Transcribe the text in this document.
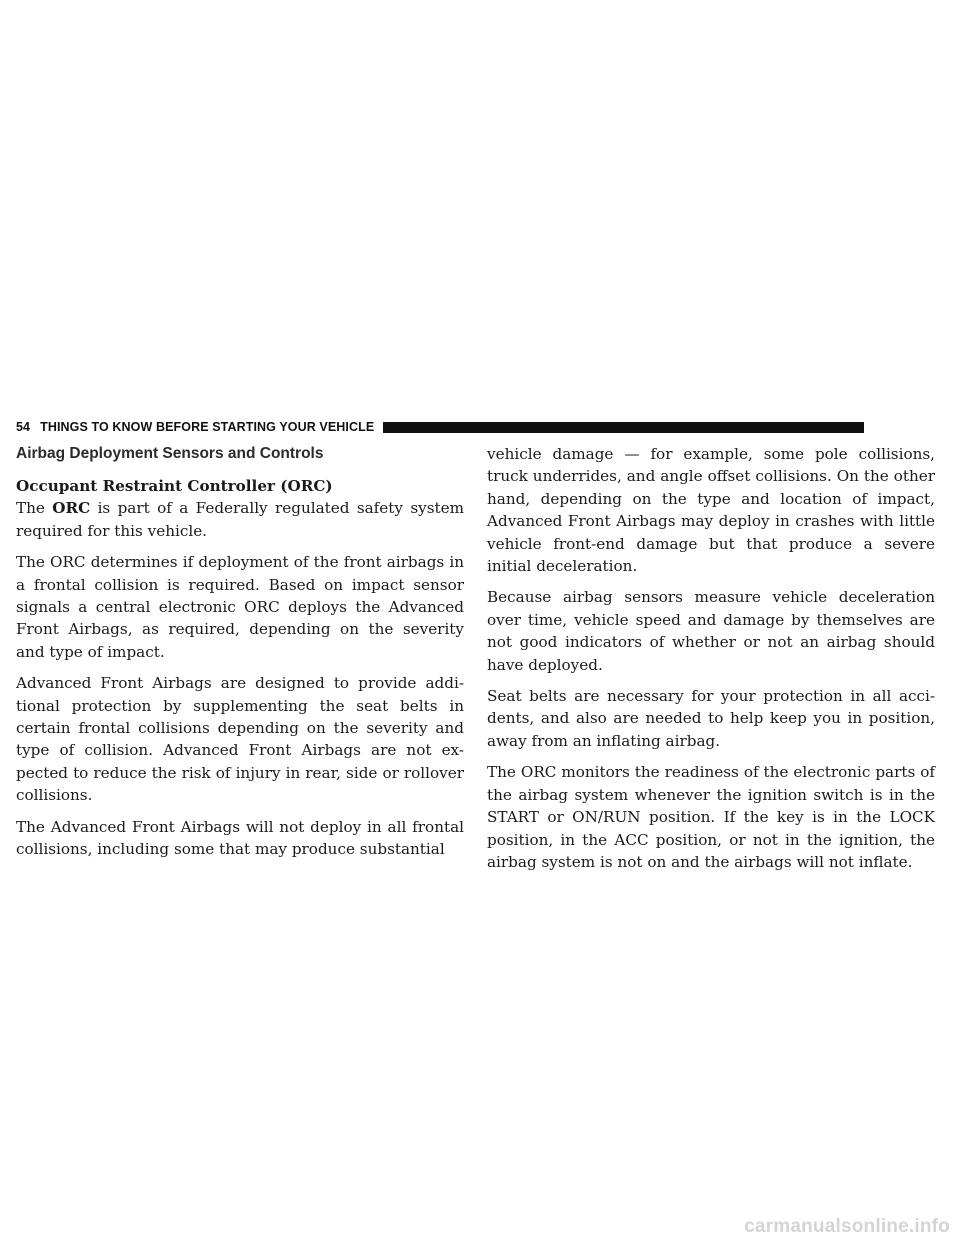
54 THINGS TO KNOW BEFORE STARTING YOUR VEHICLE
Airbag Deployment Sensors and Controls
Occupant Restraint Controller (ORC)

The ORC is part of a Federally regulated safety system required for this vehicle.

The ORC determines if deployment of the front airbags in a frontal collision is required. Based on impact sensor signals a central electronic ORC deploys the Advanced Front Airbags, as required, depending on the severity and type of impact.

Advanced Front Airbags are designed to provide addi-tional protection by supplementing the seat belts in certain frontal collisions depending on the severity and type of collision. Advanced Front Airbags are not ex-pected to reduce the risk of injury in rear, side or rollover collisions.

The Advanced Front Airbags will not deploy in all frontal collisions, including some that may produce substantial

vehicle damage — for example, some pole collisions, truck underrides, and angle offset collisions. On the other hand, depending on the type and location of impact, Advanced Front Airbags may deploy in crashes with little vehicle front-end damage but that produce a severe initial deceleration.

Because airbag sensors measure vehicle deceleration over time, vehicle speed and damage by themselves are not good indicators of whether or not an airbag should have deployed.

Seat belts are necessary for your protection in all acci-dents, and also are needed to help keep you in position, away from an inflating airbag.

The ORC monitors the readiness of the electronic parts of the airbag system whenever the ignition switch is in the START or ON/RUN position. If the key is in the LOCK position, in the ACC position, or not in the ignition, the airbag system is not on and the airbags will not inflate.

carmanualsonline.info
